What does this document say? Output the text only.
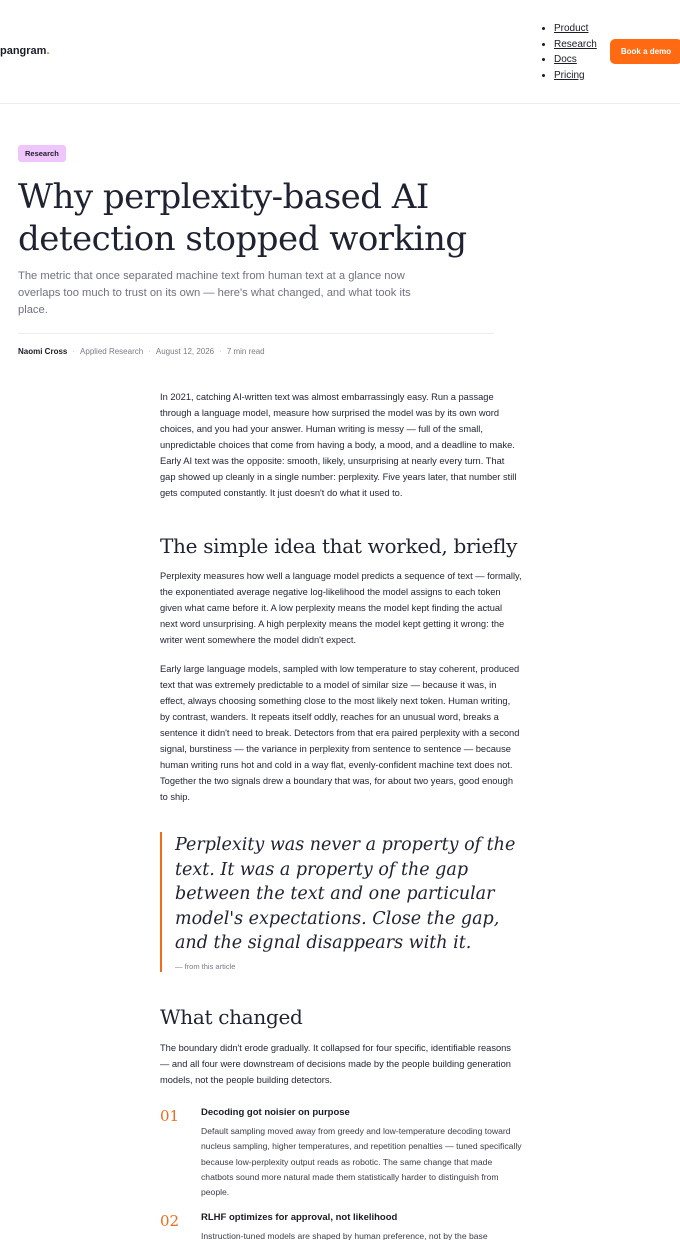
pangram.
• Product
• Research
• Docs
• Pricing
Book a demo
Research
Why perplexity-based AI detection stopped working

The metric that once separated machine text from human text at a glance now overlaps too much to trust on its own — here's what changed, and what took its place.

Naomi Cross · Applied Research · August 12, 2026 · 7 min read

In 2021, catching AI-written text was almost embarrassingly easy. Run a passage through a language model, measure how surprised the model was by its own word choices, and you had your answer. Human writing is messy — full of the small, unpredictable choices that come from having a body, a mood, and a deadline to make. Early AI text was the opposite: smooth, likely, unsurprising at nearly every turn. That gap showed up cleanly in a single number: perplexity. Five years later, that number still gets computed constantly. It just doesn't do what it used to.

The simple idea that worked, briefly

Perplexity measures how well a language model predicts a sequence of text — formally, the exponentiated average negative log-likelihood the model assigns to each token given what came before it. A low perplexity means the model kept finding the actual next word unsurprising. A high perplexity means the model kept getting it wrong: the writer went somewhere the model didn't expect.

Early large language models, sampled with low temperature to stay coherent, produced text that was extremely predictable to a model of similar size — because it was, in effect, always choosing something close to the most likely next token. Human writing, by contrast, wanders. It repeats itself oddly, reaches for an unusual word, breaks a sentence it didn't need to break. Detectors from that era paired perplexity with a second signal, burstiness — the variance in perplexity from sentence to sentence — because human writing runs hot and cold in a way flat, evenly-confident machine text does not. Together the two signals drew a boundary that was, for about two years, good enough to ship.

Perplexity was never a property of the text. It was a property of the gap between the text and one particular model's expectations. Close the gap, and the signal disappears with it.

— from this article

What changed

The boundary didn't erode gradually. It collapsed for four specific, identifiable reasons — and all four were downstream of decisions made by the people building generation models, not the people building detectors.

01 Decoding got noisier on purpose

Default sampling moved away from greedy and low-temperature decoding toward nucleus sampling, higher temperatures, and repetition penalties — tuned specifically because low-perplexity output reads as robotic. The same change that made chatbots sound more natural made them statistically harder to distinguish from people.

02 RLHF optimizes for approval, not likelihood

Instruction-tuned models are shaped by human preference, not by the base
